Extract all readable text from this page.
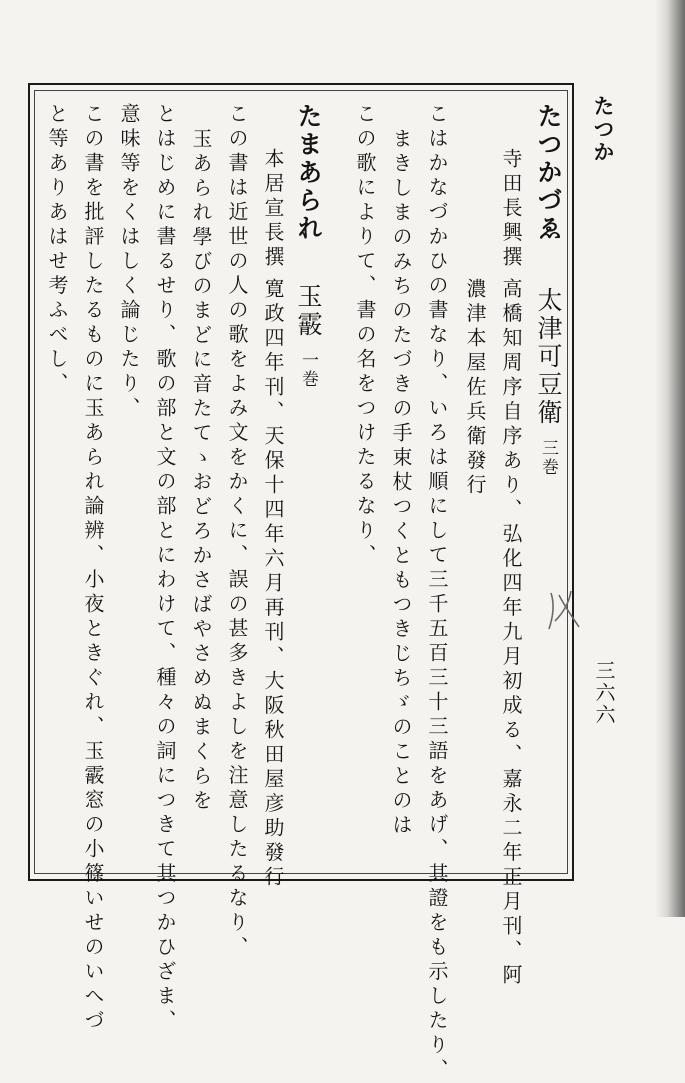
たつか
三六六
たつかづゑ太津可豆衛三巻
寺田長興撰
高橋知周序自序あり、弘化四年九月初成る、嘉永二年正月刊、阿
濃津本屋佐兵衛發行
こはかなづかひの書なり、いろは順にして三千五百三十三語をあげ、其證をも示したり、
まきしまのみちのたづきの手束杖つくともつきじちゞのことのは
この歌によりて、書の名をつけたるなり、
たまあられ玉霰一巻
本居宣長撰
寛政四年刊、天保十四年六月再刊、大阪秋田屋彦助發行
この書は近世の人の歌をよみ文をかくに、誤の甚多きよしを注意したるなり、
玉あられ學びのまどに音たてゝおどろかさばやさめぬまくらを
とはじめに書るせり、歌の部と文の部とにわけて、種々の詞につきて其つかひざま、
意味等をくはしく論じたり、
この書を批評したるものに玉あられ論辨、小夜ときぐれ、玉霰窓の小篠いせのいへづ
と等ありあはせ考ふべし、
